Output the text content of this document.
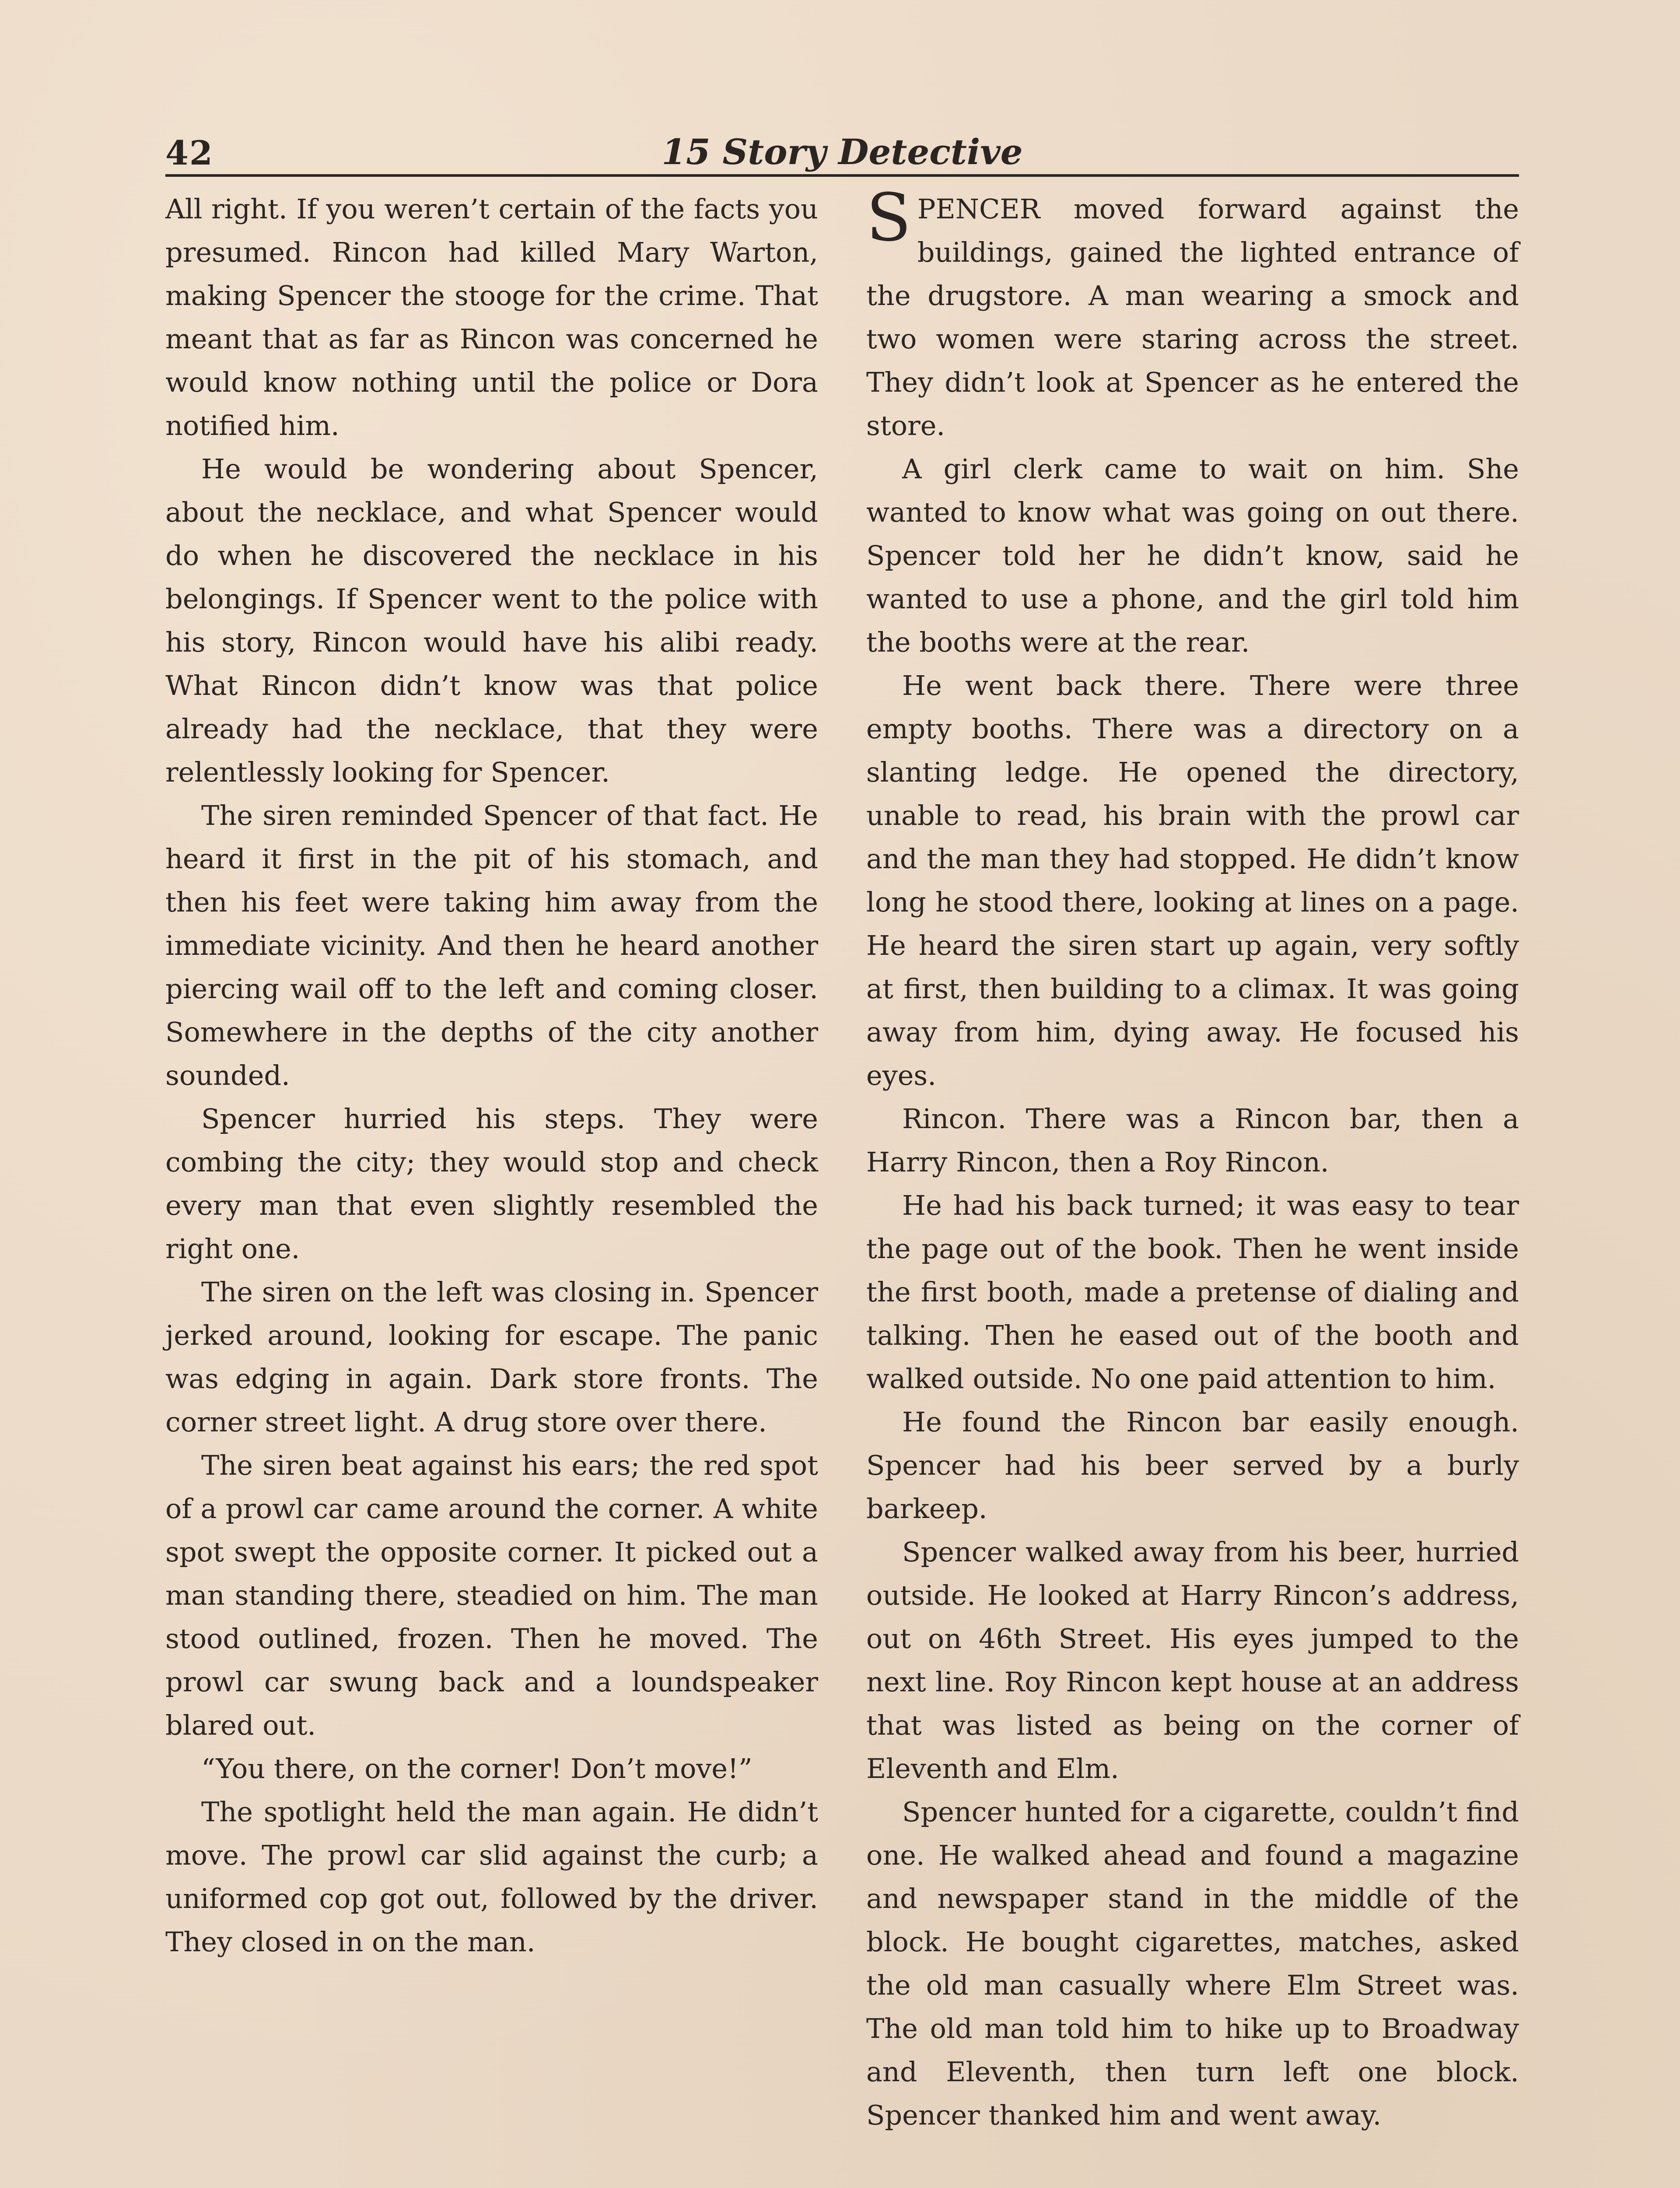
42	15 Story Detective

All right. If you weren’t certain of the facts you presumed. Rincon had killed Mary Warton, making Spencer the stooge for the crime. That meant that as far as Rincon was concerned he would know nothing until the police or Dora notified him.

He would be wondering about Spencer, about the necklace, and what Spencer would do when he discovered the necklace in his belongings. If Spencer went to the police with his story, Rincon would have his alibi ready. What Rincon didn’t know was that police already had the necklace, that they were relentlessly looking for Spencer.

The siren reminded Spencer of that fact. He heard it first in the pit of his stomach, and then his feet were taking him away from the immediate vicinity. And then he heard another piercing wail off to the left and coming closer. Somewhere in the depths of the city another sounded.

Spencer hurried his steps. They were combing the city; they would stop and check every man that even slightly resembled the right one.

The siren on the left was closing in. Spencer jerked around, looking for escape. The panic was edging in again. Dark store fronts. The corner street light. A drug store over there.

The siren beat against his ears; the red spot of a prowl car came around the corner. A white spot swept the opposite corner. It picked out a man standing there, steadied on him. The man stood outlined, frozen. Then he moved. The prowl car swung back and a loundspeaker blared out.

“You there, on the corner! Don’t move!”

The spotlight held the man again. He didn’t move. The prowl car slid against the curb; a uniformed cop got out, followed by the driver. They closed in on the man.

SPENCER moved forward against the buildings, gained the lighted entrance of the drugstore. A man wearing a smock and two women were staring across the street. They didn’t look at Spencer as he entered the store.

A girl clerk came to wait on him. She wanted to know what was going on out there. Spencer told her he didn’t know, said he wanted to use a phone, and the girl told him the booths were at the rear.

He went back there. There were three empty booths. There was a directory on a slanting ledge. He opened the directory, unable to read, his brain with the prowl car and the man they had stopped. He didn’t know long he stood there, looking at lines on a page. He heard the siren start up again, very softly at first, then building to a climax. It was going away from him, dying away. He focused his eyes.

Rincon. There was a Rincon bar, then a Harry Rincon, then a Roy Rincon.

He had his back turned; it was easy to tear the page out of the book. Then he went inside the first booth, made a pretense of dialing and talking. Then he eased out of the booth and walked outside. No one paid attention to him.

He found the Rincon bar easily enough. Spencer had his beer served by a burly barkeep.

Spencer walked away from his beer, hurried outside. He looked at Harry Rincon’s address, out on 46th Street. His eyes jumped to the next line. Roy Rincon kept house at an address that was listed as being on the corner of Eleventh and Elm.

Spencer hunted for a cigarette, couldn’t find one. He walked ahead and found a magazine and newspaper stand in the middle of the block. He bought cigarettes, matches, asked the old man casually where Elm Street was. The old man told him to hike up to Broadway and Eleventh, then turn left one block. Spencer thanked him and went away.
